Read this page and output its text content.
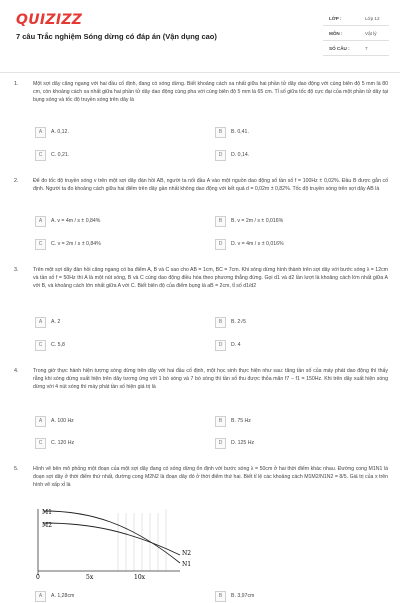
QUIZIZZ
7 câu Trắc nghiệm Sóng dừng có đáp án (Vận dụng cao)
LỚP :	Lớp 12
MÔN :	Vật lý
SỐ CÂU :	7
1.	Một sợi dây căng ngang với hai đầu cố định, đang có sóng dừng. Biết khoảng cách xa nhất giữa hai phần tử dây dao động với cùng biên độ 5 mm là 80 cm, còn khoảng cách xa nhất giữa hai phần tử dây dao động cùng pha với cùng biên độ 5 mm là 65 cm. Tỉ số giữa tốc độ cực đại của một phần tử dây tại bụng sóng và tốc độ truyền sóng trên dây là
A	A. 0,12.	B	B. 0,41.
C	C. 0,21.	D	D. 0,14.
2.	Để đo tốc độ truyền sóng v trên một sợi dây đàn hồi AB, người ta nối đầu A vào một nguồn dao động số tần số f = 100Hz ± 0,02%. Đầu B được gắn cố định. Người ta đo khoảng cách giữa hai điểm trên dây gần nhất không dao động với kết quả d = 0,02m ± 0,82%. Tốc độ truyền sóng trên sợi dây AB là
A	A. v = 4m / s ± 0,84%	B	B. v = 2m / s ± 0,016%
C	C. v = 2m / s ± 0,84%	D	D. v = 4m / s ± 0,016%
3.	Trên một sợi dây đàn hồi căng ngang có ba điểm A, B và C sao cho AB = 1cm, BC = 7cm. Khi sóng dừng hình thành trên sợi dây với bước sóng λ = 12cm và tần số f = 50Hz thì A là một nút sóng, B và C cùng dao động điều hòa theo phương thẳng đứng. Gọi d1 và d2 lần lượt là khoảng cách lớn nhất giữa A với B, và khoảng cách lớn nhất giữa A với C. Biết biên độ của điểm bụng là aB = 2cm, tỉ số d1/d2
A	A. 2	B	B. 2√5
C	C. 5,8	D	D. 4
4.	Trong giờ thực hành hiện tượng sóng dừng trên dây với hai đầu cố định, một học sinh thực hiện như sau: tăng tần số của máy phát dao động thì thấy rằng khi sóng dừng xuất hiện trên dây tương ứng với 1 bó sóng và 7 bó sóng thì tần số thu được thỏa mãn f7 − f1 = 150Hz. Khi trên dây xuất hiện sóng dừng với 4 nút sóng thì máy phát tần số hiện giá trị là
A	A. 100 Hz	B	B. 75 Hz
C	C. 120 Hz	D	D. 125 Hz
5.	Hình vẽ bên mô phỏng một đoạn của một sợi dây đang có sóng dừng ổn định với bước sóng λ = 50cm ở hai thời điểm khác nhau. Đường cong M1N1 là đoạn sợi dây ở thời điểm thứ nhất, đường cong M2N2 là đoạn dây đó ở thời điểm thứ hai. Biết tỉ lệ các khoảng cách M1M2/N1N2 = 8/5. Giá trị của x trên hình vẽ xấp xỉ là
M1
M2
N2
N1
0	5x	10x
A	A. 1,28cm	B	B. 3,97cm
